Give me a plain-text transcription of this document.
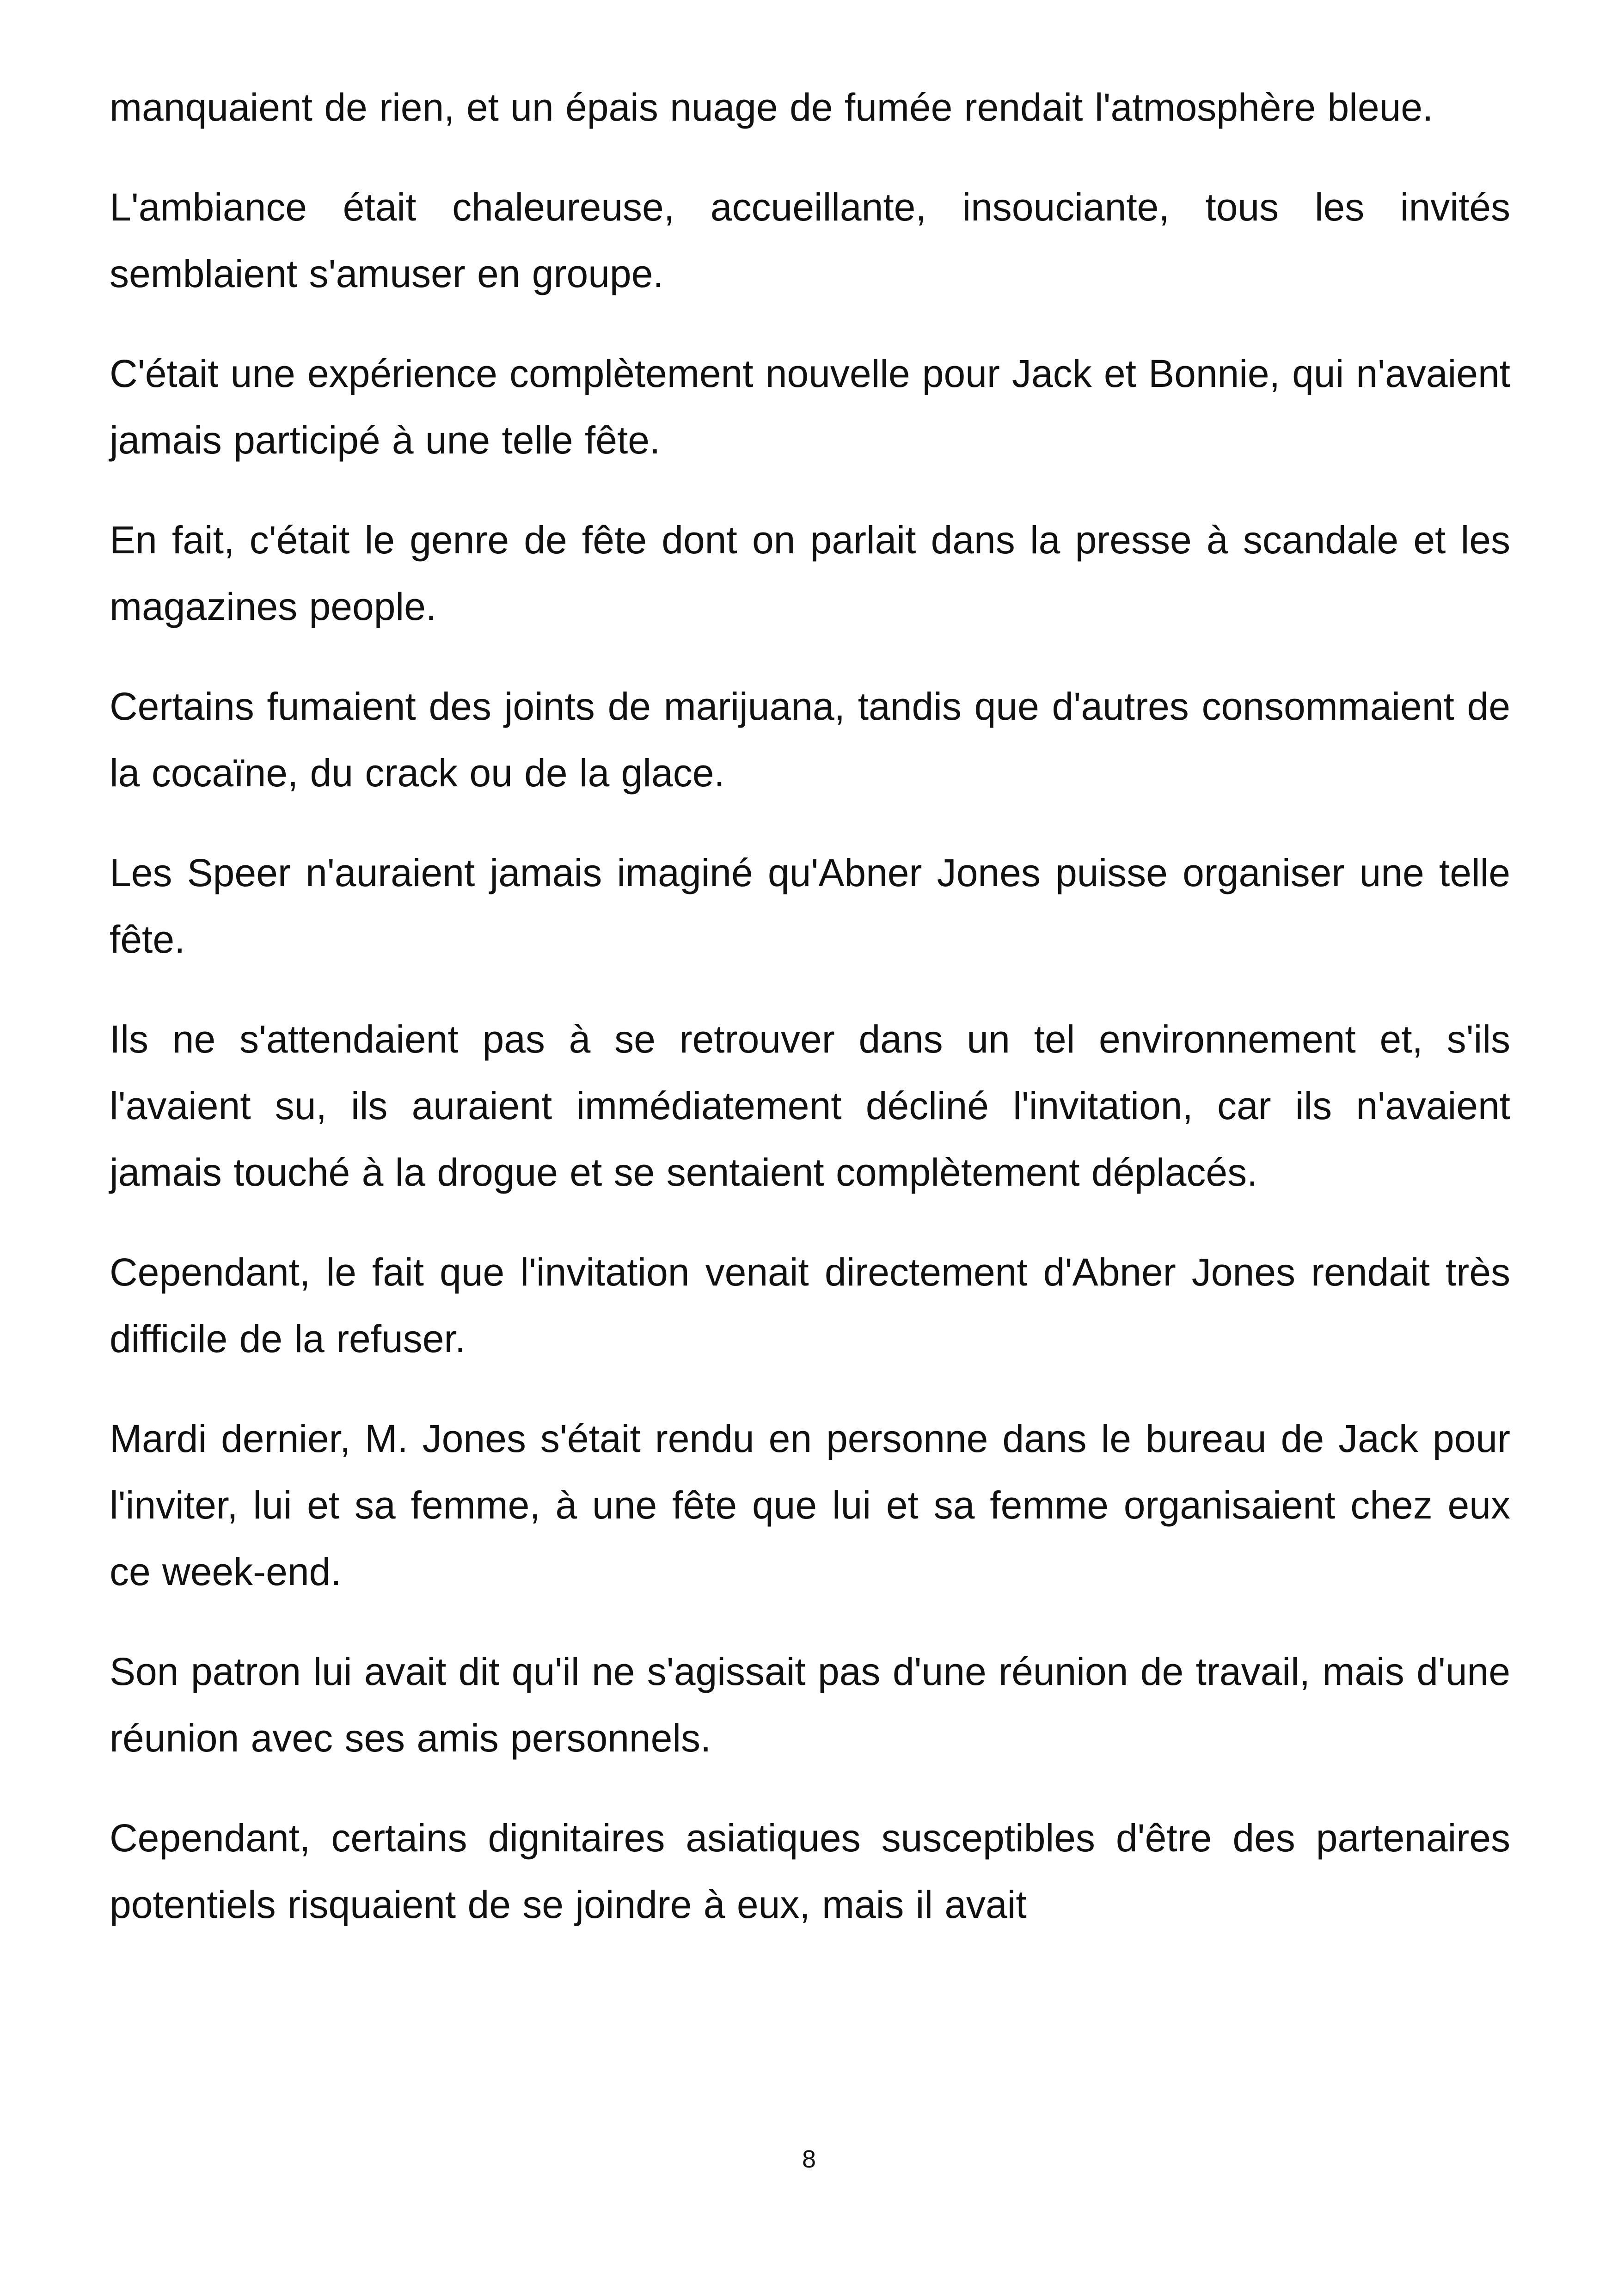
manquaient de rien, et un épais nuage de fumée rendait l'atmosphère bleue.

L'ambiance était chaleureuse, accueillante, insouciante, tous les invités semblaient s'amuser en groupe.

C'était une expérience complètement nouvelle pour Jack et Bonnie, qui n'avaient jamais participé à une telle fête.

En fait, c'était le genre de fête dont on parlait dans la presse à scandale et les magazines people.

Certains fumaient des joints de marijuana, tandis que d'autres consommaient de la cocaïne, du crack ou de la glace.

Les Speer n'auraient jamais imaginé qu'Abner Jones puisse organiser une telle fête.

Ils ne s'attendaient pas à se retrouver dans un tel environnement et, s'ils l'avaient su, ils auraient immédiatement décliné l'invitation, car ils n'avaient jamais touché à la drogue et se sentaient complètement déplacés.

Cependant, le fait que l'invitation venait directement d'Abner Jones rendait très difficile de la refuser.

Mardi dernier, M. Jones s'était rendu en personne dans le bureau de Jack pour l'inviter, lui et sa femme, à une fête que lui et sa femme organisaient chez eux ce week-end.

Son patron lui avait dit qu'il ne s'agissait pas d'une réunion de travail, mais d'une réunion avec ses amis personnels.

Cependant, certains dignitaires asiatiques susceptibles d'être des partenaires potentiels risquaient de se joindre à eux, mais il avait

8
